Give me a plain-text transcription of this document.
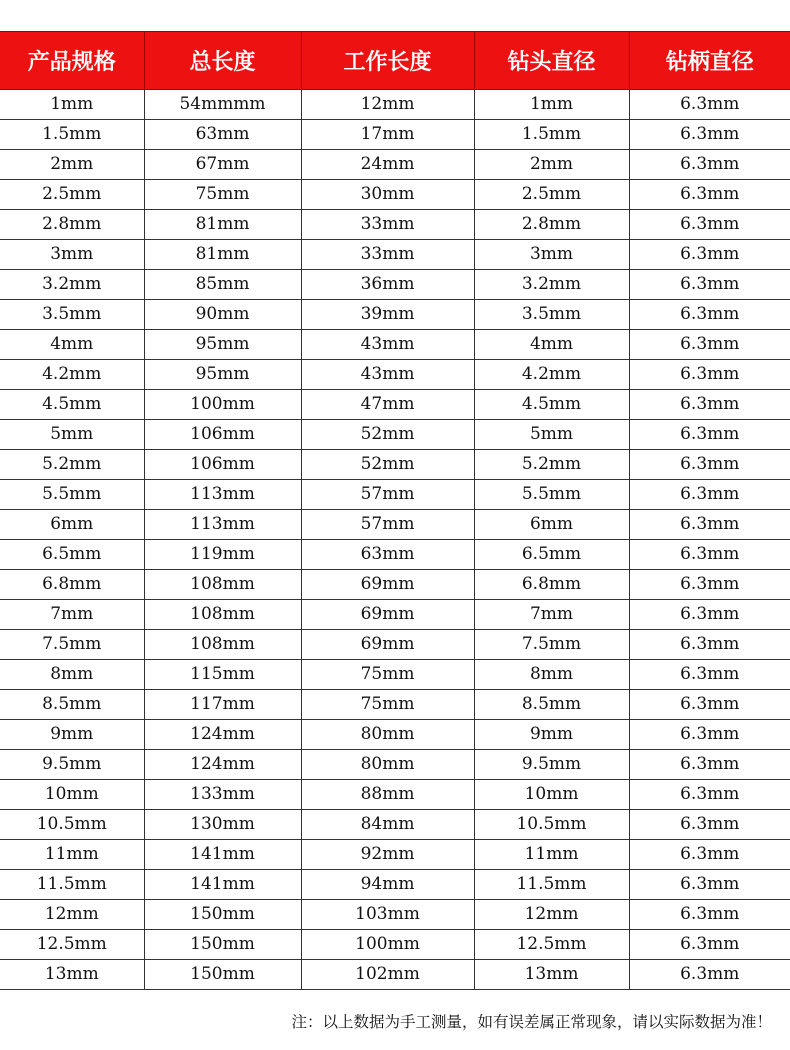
产品规格	总长度	工作长度	钻头直径	钻柄直径
1mm	54mmmm	12mm	1mm	6.3mm
1.5mm	63mm	17mm	1.5mm	6.3mm
2mm	67mm	24mm	2mm	6.3mm
2.5mm	75mm	30mm	2.5mm	6.3mm
2.8mm	81mm	33mm	2.8mm	6.3mm
3mm	81mm	33mm	3mm	6.3mm
3.2mm	85mm	36mm	3.2mm	6.3mm
3.5mm	90mm	39mm	3.5mm	6.3mm
4mm	95mm	43mm	4mm	6.3mm
4.2mm	95mm	43mm	4.2mm	6.3mm
4.5mm	100mm	47mm	4.5mm	6.3mm
5mm	106mm	52mm	5mm	6.3mm
5.2mm	106mm	52mm	5.2mm	6.3mm
5.5mm	113mm	57mm	5.5mm	6.3mm
6mm	113mm	57mm	6mm	6.3mm
6.5mm	119mm	63mm	6.5mm	6.3mm
6.8mm	108mm	69mm	6.8mm	6.3mm
7mm	108mm	69mm	7mm	6.3mm
7.5mm	108mm	69mm	7.5mm	6.3mm
8mm	115mm	75mm	8mm	6.3mm
8.5mm	117mm	75mm	8.5mm	6.3mm
9mm	124mm	80mm	9mm	6.3mm
9.5mm	124mm	80mm	9.5mm	6.3mm
10mm	133mm	88mm	10mm	6.3mm
10.5mm	130mm	84mm	10.5mm	6.3mm
11mm	141mm	92mm	11mm	6.3mm
11.5mm	141mm	94mm	11.5mm	6.3mm
12mm	150mm	103mm	12mm	6.3mm
12.5mm	150mm	100mm	12.5mm	6.3mm
13mm	150mm	102mm	13mm	6.3mm
注：以上数据为手工测量，如有误差属正常现象，请以实际数据为准！
